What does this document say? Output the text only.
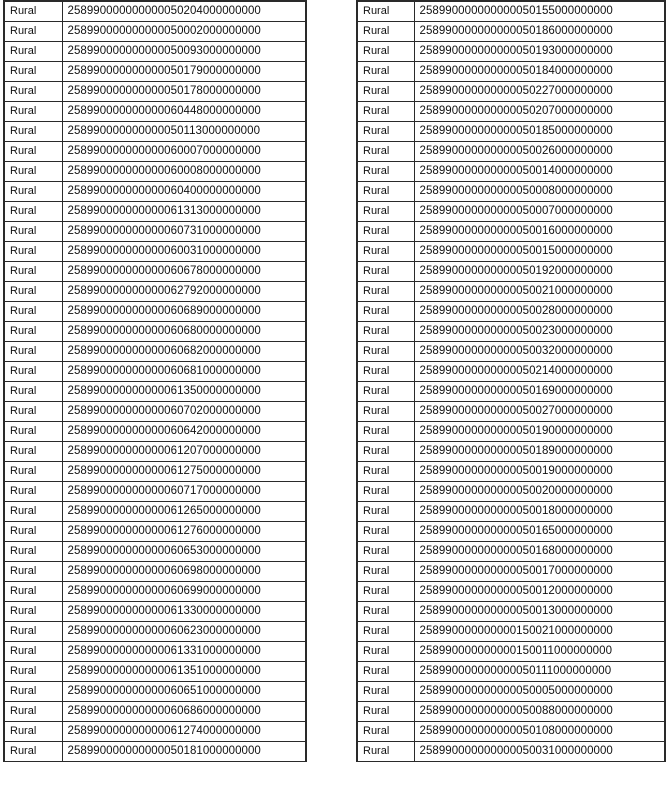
Rural	258990000000000050204000000000
Rural	258990000000000050002000000000
Rural	258990000000000050093000000000
Rural	258990000000000050179000000000
Rural	258990000000000050178000000000
Rural	258990000000000060448000000000
Rural	258990000000000050113000000000
Rural	258990000000000060007000000000
Rural	258990000000000060008000000000
Rural	258990000000000060400000000000
Rural	258990000000000061313000000000
Rural	258990000000000060731000000000
Rural	258990000000000060031000000000
Rural	258990000000000060678000000000
Rural	258990000000000062792000000000
Rural	258990000000000060689000000000
Rural	258990000000000060680000000000
Rural	258990000000000060682000000000
Rural	258990000000000060681000000000
Rural	258990000000000061350000000000
Rural	258990000000000060702000000000
Rural	258990000000000060642000000000
Rural	258990000000000061207000000000
Rural	258990000000000061275000000000
Rural	258990000000000060717000000000
Rural	258990000000000061265000000000
Rural	258990000000000061276000000000
Rural	258990000000000060653000000000
Rural	258990000000000060698000000000
Rural	258990000000000060699000000000
Rural	258990000000000061330000000000
Rural	258990000000000060623000000000
Rural	258990000000000061331000000000
Rural	258990000000000061351000000000
Rural	258990000000000060651000000000
Rural	258990000000000060686000000000
Rural	258990000000000061274000000000
Rural	258990000000000050181000000000
Rural	258990000000000050155000000000
Rural	258990000000000050186000000000
Rural	258990000000000050193000000000
Rural	258990000000000050184000000000
Rural	258990000000000050227000000000
Rural	258990000000000050207000000000
Rural	258990000000000050185000000000
Rural	258990000000000050026000000000
Rural	258990000000000050014000000000
Rural	258990000000000050008000000000
Rural	258990000000000050007000000000
Rural	258990000000000050016000000000
Rural	258990000000000050015000000000
Rural	258990000000000050192000000000
Rural	258990000000000050021000000000
Rural	258990000000000050028000000000
Rural	258990000000000050023000000000
Rural	258990000000000050032000000000
Rural	258990000000000050214000000000
Rural	258990000000000050169000000000
Rural	258990000000000050027000000000
Rural	258990000000000050190000000000
Rural	258990000000000050189000000000
Rural	258990000000000050019000000000
Rural	258990000000000050020000000000
Rural	258990000000000050018000000000
Rural	258990000000000050165000000000
Rural	258990000000000050168000000000
Rural	258990000000000050017000000000
Rural	258990000000000050012000000000
Rural	258990000000000050013000000000
Rural	258990000000000150021000000000
Rural	258990000000000150011000000000
Rural	258990000000000050111000000000
Rural	258990000000000050005000000000
Rural	258990000000000050088000000000
Rural	258990000000000050108000000000
Rural	258990000000000050031000000000
